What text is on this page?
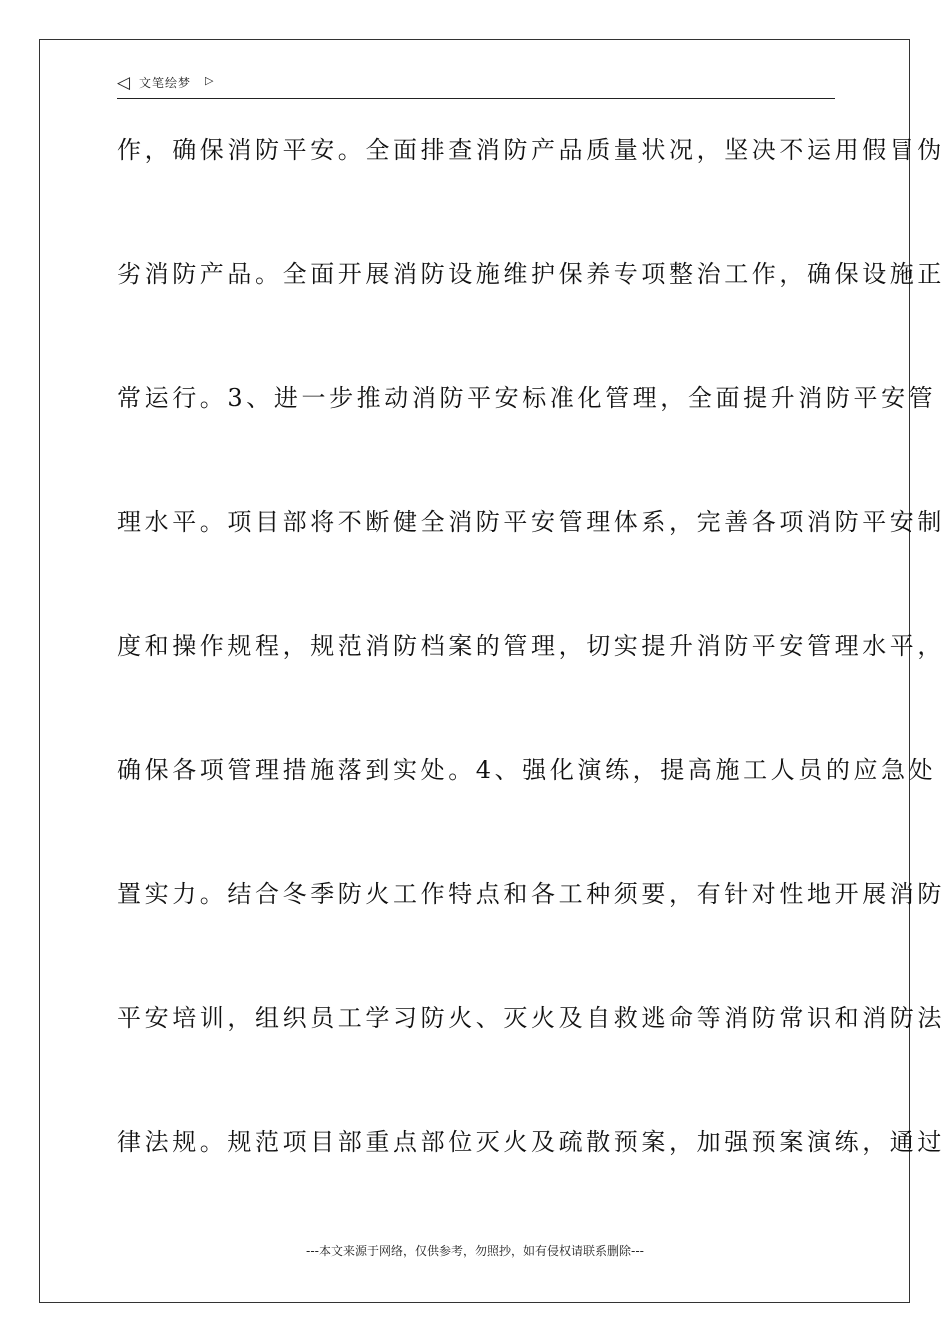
◁ 文笔绘梦 ▷
作，确保消防平安。全面排查消防产品质量状况，坚决不运用假冒伪
劣消防产品。全面开展消防设施维护保养专项整治工作，确保设施正
常运行。3、进一步推动消防平安标准化管理，全面提升消防平安管
理水平。项目部将不断健全消防平安管理体系，完善各项消防平安制
度和操作规程，规范消防档案的管理，切实提升消防平安管理水平，
确保各项管理措施落到实处。4、强化演练，提高施工人员的应急处
置实力。结合冬季防火工作特点和各工种须要，有针对性地开展消防
平安培训，组织员工学习防火、灭火及自救逃命等消防常识和消防法
律法规。规范项目部重点部位灭火及疏散预案，加强预案演练，通过
---本文来源于网络，仅供参考，勿照抄，如有侵权请联系删除---
